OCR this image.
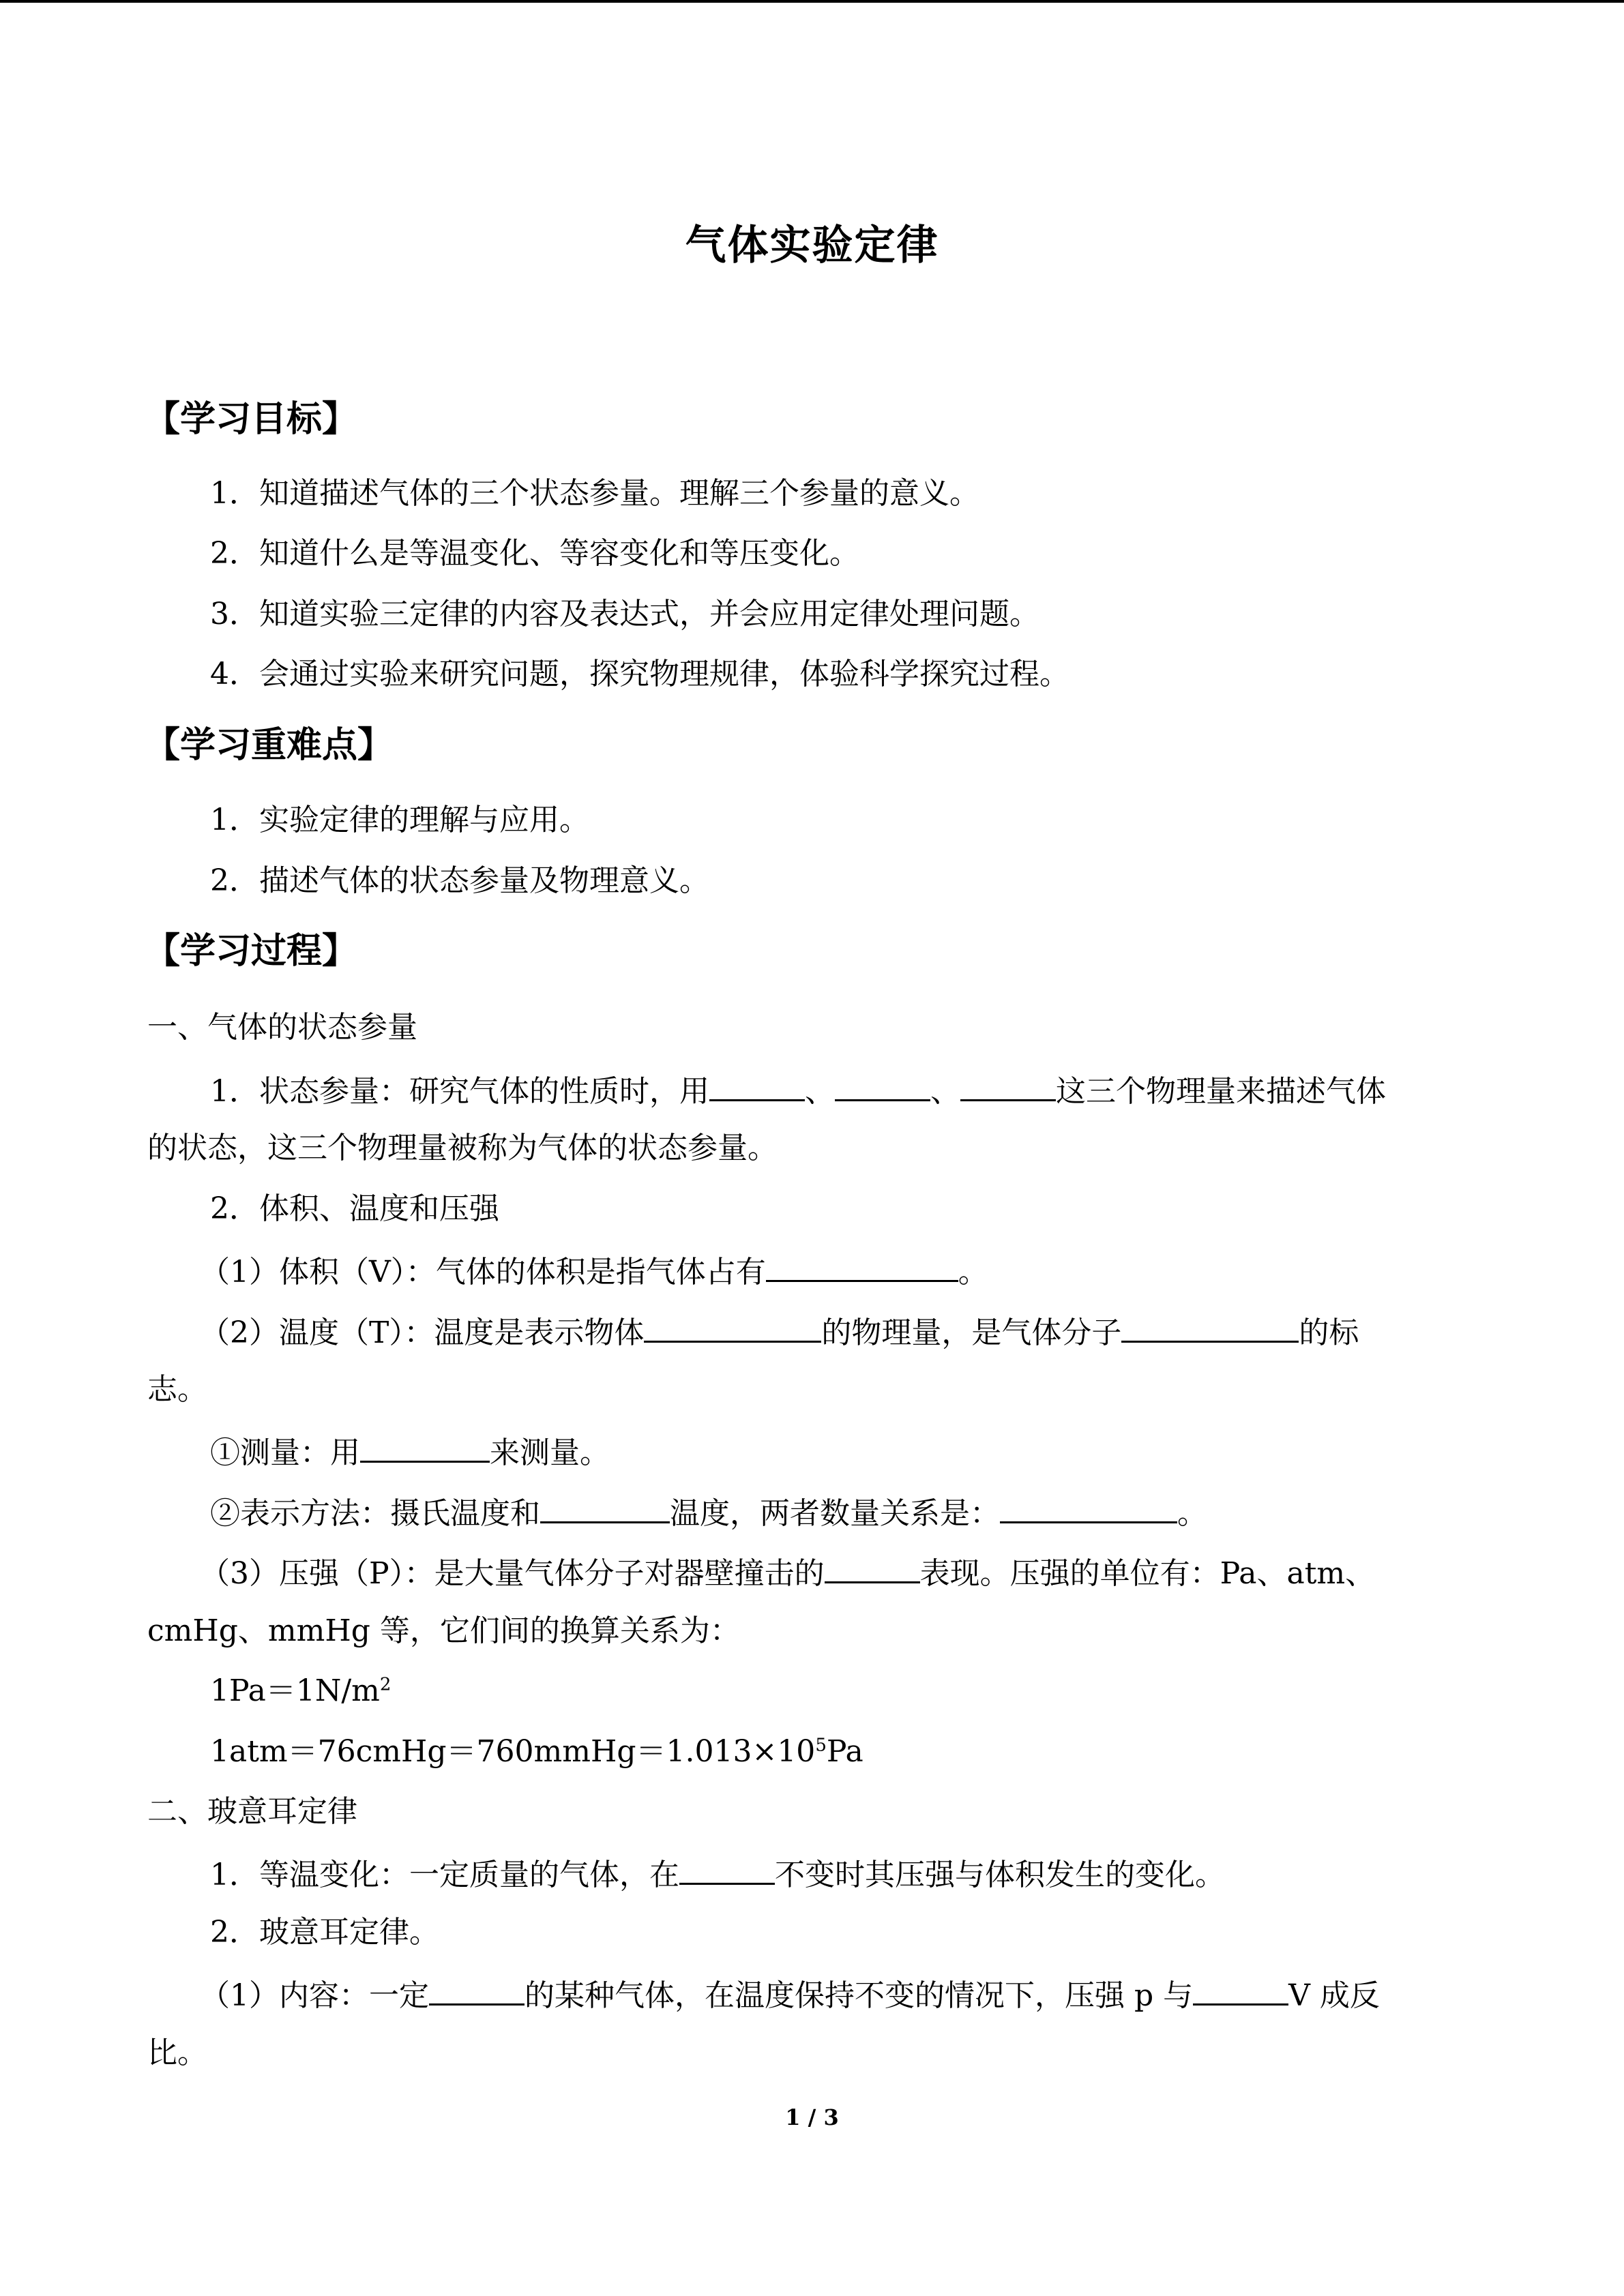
气体实验定律
【学习目标】
1．知道描述气体的三个状态参量。理解三个参量的意义。
2．知道什么是等温变化、等容变化和等压变化。
3．知道实验三定律的内容及表达式，并会应用定律处理问题。
4．会通过实验来研究问题，探究物理规律，体验科学探究过程。
【学习重难点】
1．实验定律的理解与应用。
2．描述气体的状态参量及物理意义。
【学习过程】
一、气体的状态参量
1．状态参量：研究气体的性质时，用	、	、	这三个物理量来描述气体
的状态，这三个物理量被称为气体的状态参量。
2．体积、温度和压强
（1）体积（V）：气体的体积是指气体占有	。
（2）温度（T）：温度是表示物体	的物理量，是气体分子	的标
志。
①测量：用	来测量。
②表示方法：摄氏温度和	温度，两者数量关系是：	。
（3）压强（P）：是大量气体分子对器壁撞击的	表现。压强的单位有：Pa、atm、
cmHg、mmHg 等，它们间的换算关系为：
$1Pa=1N/m^2$
$1atm=76cmHg=760mmHg=1.013\times 10^5Pa$
二、玻意耳定律
1．等温变化：一定质量的气体，在	不变时其压强与体积发生的变化。
2．玻意耳定律。
（1）内容：一定	的某种气体，在温度保持不变的情况下，压强 p 与	V 成反
比。
1 / 3
